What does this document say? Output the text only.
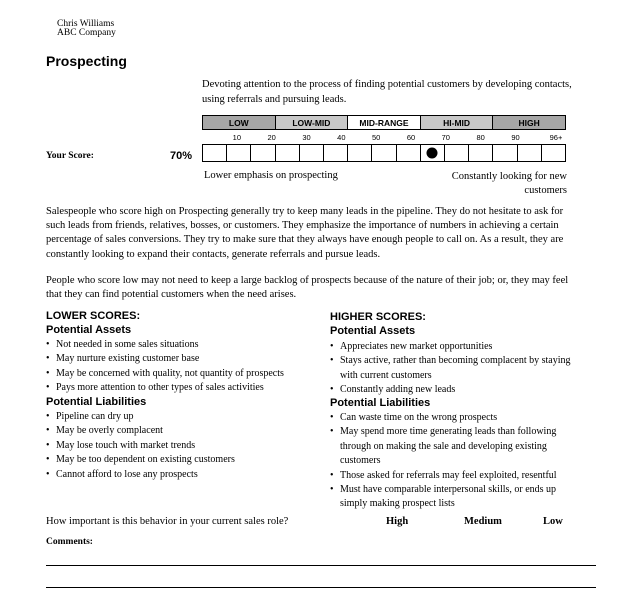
Chris Williams
ABC Company
Prospecting
Devoting attention to the process of finding potential customers by developing contacts, using referrals and pursuing leads.
LOW	LOW-MID	MID-RANGE	HI-MID	HIGH
10	20	30	40	50	60	70	80	90	96+
Your Score:	70%
Lower emphasis on prospecting	Constantly looking for new customers
Salespeople who score high on Prospecting generally try to keep many leads in the pipeline. They do not hesitate to ask for such leads from friends, relatives, bosses, or customers. They emphasize the importance of numbers in achieving a certain percentage of sales conversions. They try to make sure that they always have enough people to call on. As a result, they are constantly looking to expand their contacts, generate referrals and pursue leads.
People who score low may not need to keep a large backlog of prospects because of the nature of their job; or, they may feel that they can find potential customers when the need arises.
LOWER SCORES:
Potential Assets
• Not needed in some sales situations
• May nurture existing customer base
• May be concerned with quality, not quantity of prospects
• Pays more attention to other types of sales activities
Potential Liabilities
• Pipeline can dry up
• May be overly complacent
• May lose touch with market trends
• May be too dependent on existing customers
• Cannot afford to lose any prospects
HIGHER SCORES:
Potential Assets
• Appreciates new market opportunities
• Stays active, rather than becoming complacent by staying with current customers
• Constantly adding new leads
Potential Liabilities
• Can waste time on the wrong prospects
• May spend more time generating leads than following through on making the sale and developing existing customers
• Those asked for referrals may feel exploited, resentful
• Must have comparable interpersonal skills, or ends up simply making prospect lists
How important is this behavior in your current sales role?	High	Medium	Low
Comments:
